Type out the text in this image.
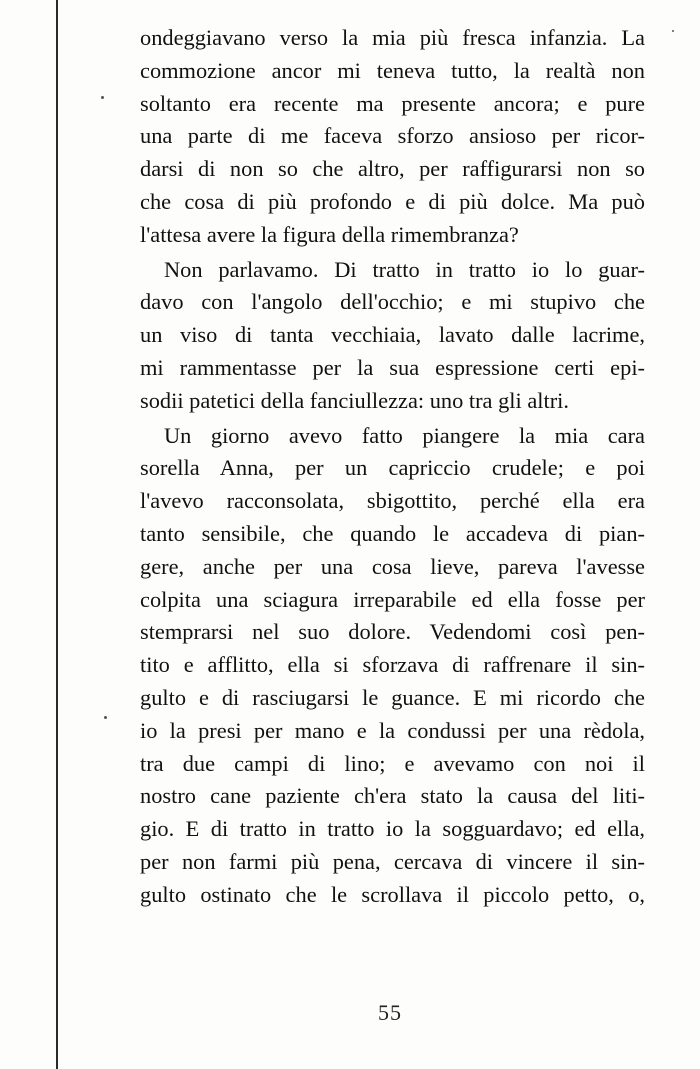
ondeggiavano verso la mia più fresca infanzia. La
commozione ancor mi teneva tutto, la realtà non
soltanto era recente ma presente ancora; e pure
una parte di me faceva sforzo ansioso per ricor-
darsi di non so che altro, per raffigurarsi non so
che cosa di più profondo e di più dolce. Ma può
l'attesa avere la figura della rimembranza?
Non parlavamo. Di tratto in tratto io lo guar-
davo con l'angolo dell'occhio; e mi stupivo che
un viso di tanta vecchiaia, lavato dalle lacrime,
mi rammentasse per la sua espressione certi epi-
sodii patetici della fanciullezza: uno tra gli altri.
Un giorno avevo fatto piangere la mia cara
sorella Anna, per un capriccio crudele; e poi
l'avevo racconsolata, sbigottito, perché ella era
tanto sensibile, che quando le accadeva di pian-
gere, anche per una cosa lieve, pareva l'avesse
colpita una sciagura irreparabile ed ella fosse per
stemprarsi nel suo dolore. Vedendomi così pen-
tito e afflitto, ella si sforzava di raffrenare il sin-
gulto e di rasciugarsi le guance. E mi ricordo che
io la presi per mano e la condussi per una rèdola,
tra due campi di lino; e avevamo con noi il
nostro cane paziente ch'era stato la causa del liti-
gio. E di tratto in tratto io la sogguardavo; ed ella,
per non farmi più pena, cercava di vincere il sin-
gulto ostinato che le scrollava il piccolo petto, o,
55
